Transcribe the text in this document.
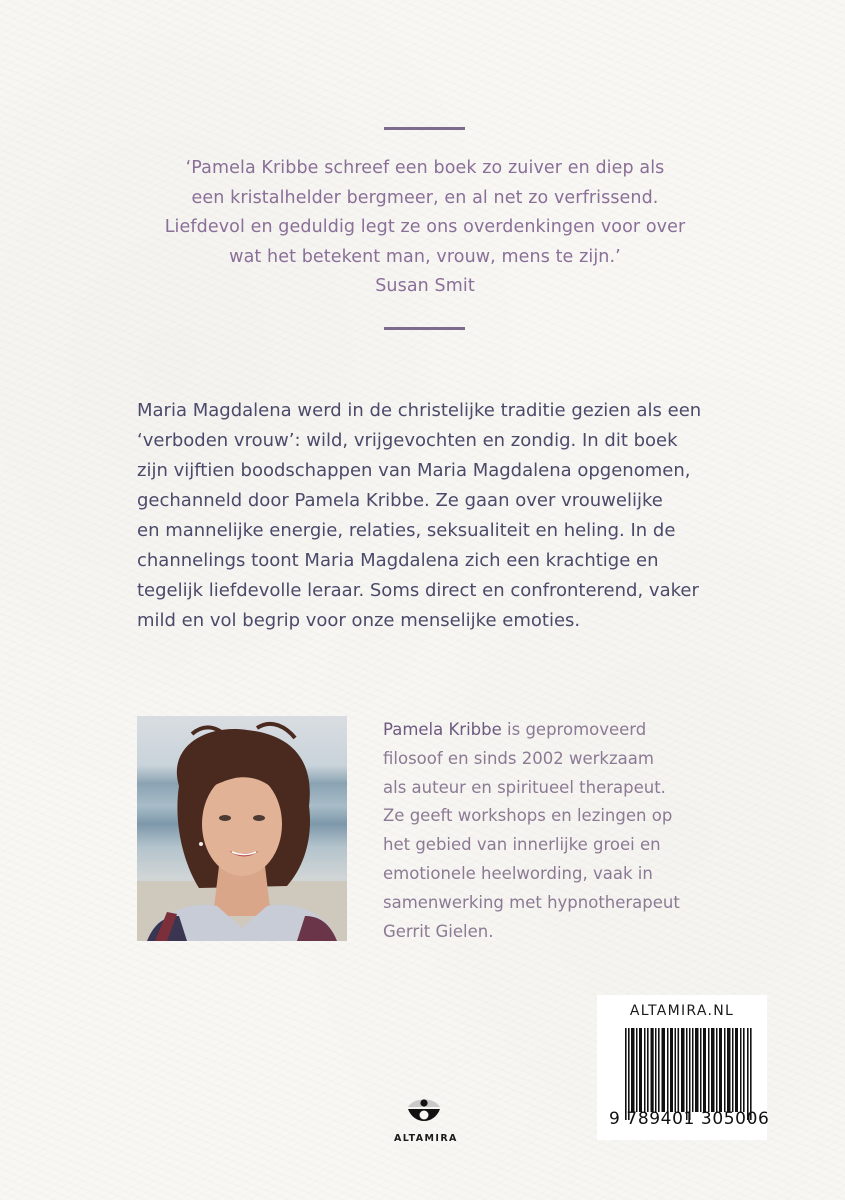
‘Pamela Kribbe schreef een boek zo zuiver en diep als
een kristalhelder bergmeer, en al net zo verfrissend.
Liefdevol en geduldig legt ze ons overdenkingen voor over
wat het betekent man, vrouw, mens te zijn.’
Susan Smit
Maria Magdalena werd in de christelijke traditie gezien als een
‘verboden vrouw’: wild, vrijgevochten en zondig. In dit boek
zijn vijftien boodschappen van Maria Magdalena opgenomen,
gechanneld door Pamela Kribbe. Ze gaan over vrouwelijke
en mannelijke energie, relaties, seksualiteit en heling. In de
channelings toont Maria Magdalena zich een krachtige en
tegelijk liefdevolle leraar. Soms direct en confronterend, vaker
mild en vol begrip voor onze menselijke emoties.
Pamela Kribbe is gepromoveerd
filosoof en sinds 2002 werkzaam
als auteur en spiritueel therapeut.
Ze geeft workshops en lezingen op
het gebied van innerlijke groei en
emotionele heelwording, vaak in
samenwerking met hypnotherapeut
Gerrit Gielen.
ALTAMIRA
ALTAMIRA.NL
9 789401 305006
